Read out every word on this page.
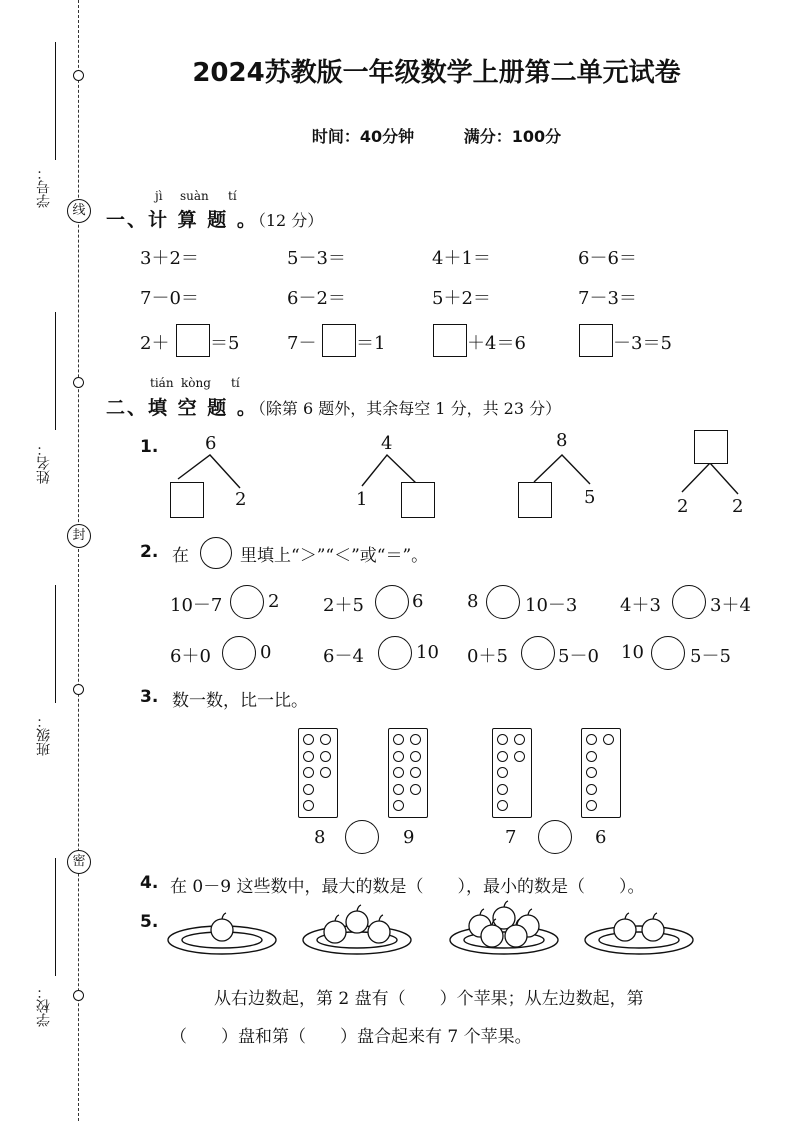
学号：
姓名：
班级：
学校：
线
封
密
2024苏教版一年级数学上册第二单元试卷
时间：40分钟	满分：100分
jì suàn tí
一、计 算 题 。（12 分）
3＋2＝	5－3＝	4＋1＝	6－6＝
7－0＝	6－2＝	5＋2＝	7－3＝
2＋ ＝5	7－ ＝1	＋4＝6	－3＝5
tián kòng tí
二、填 空 题 。（除第 6 题外，其余每空 1 分，共 23 分）
1.	6
2
4
1
8
5	2 2
2. 在	里填上“＞”“＜”或“＝”。
10－7	2 2＋5	6 8	10－3 4＋3	3＋4
6＋0	0	6－4	10 0＋5	5－0 10	5－5
3. 数一数，比一比。
8	9	7	6
4. 在 0－9 这些数中，最大的数是（　　），最小的数是（　　）。
5.
从右边数起，第 2 盘有（　　）个苹果；从左边数起，第
（　　）盘和第（　　）盘合起来有 7 个苹果。
